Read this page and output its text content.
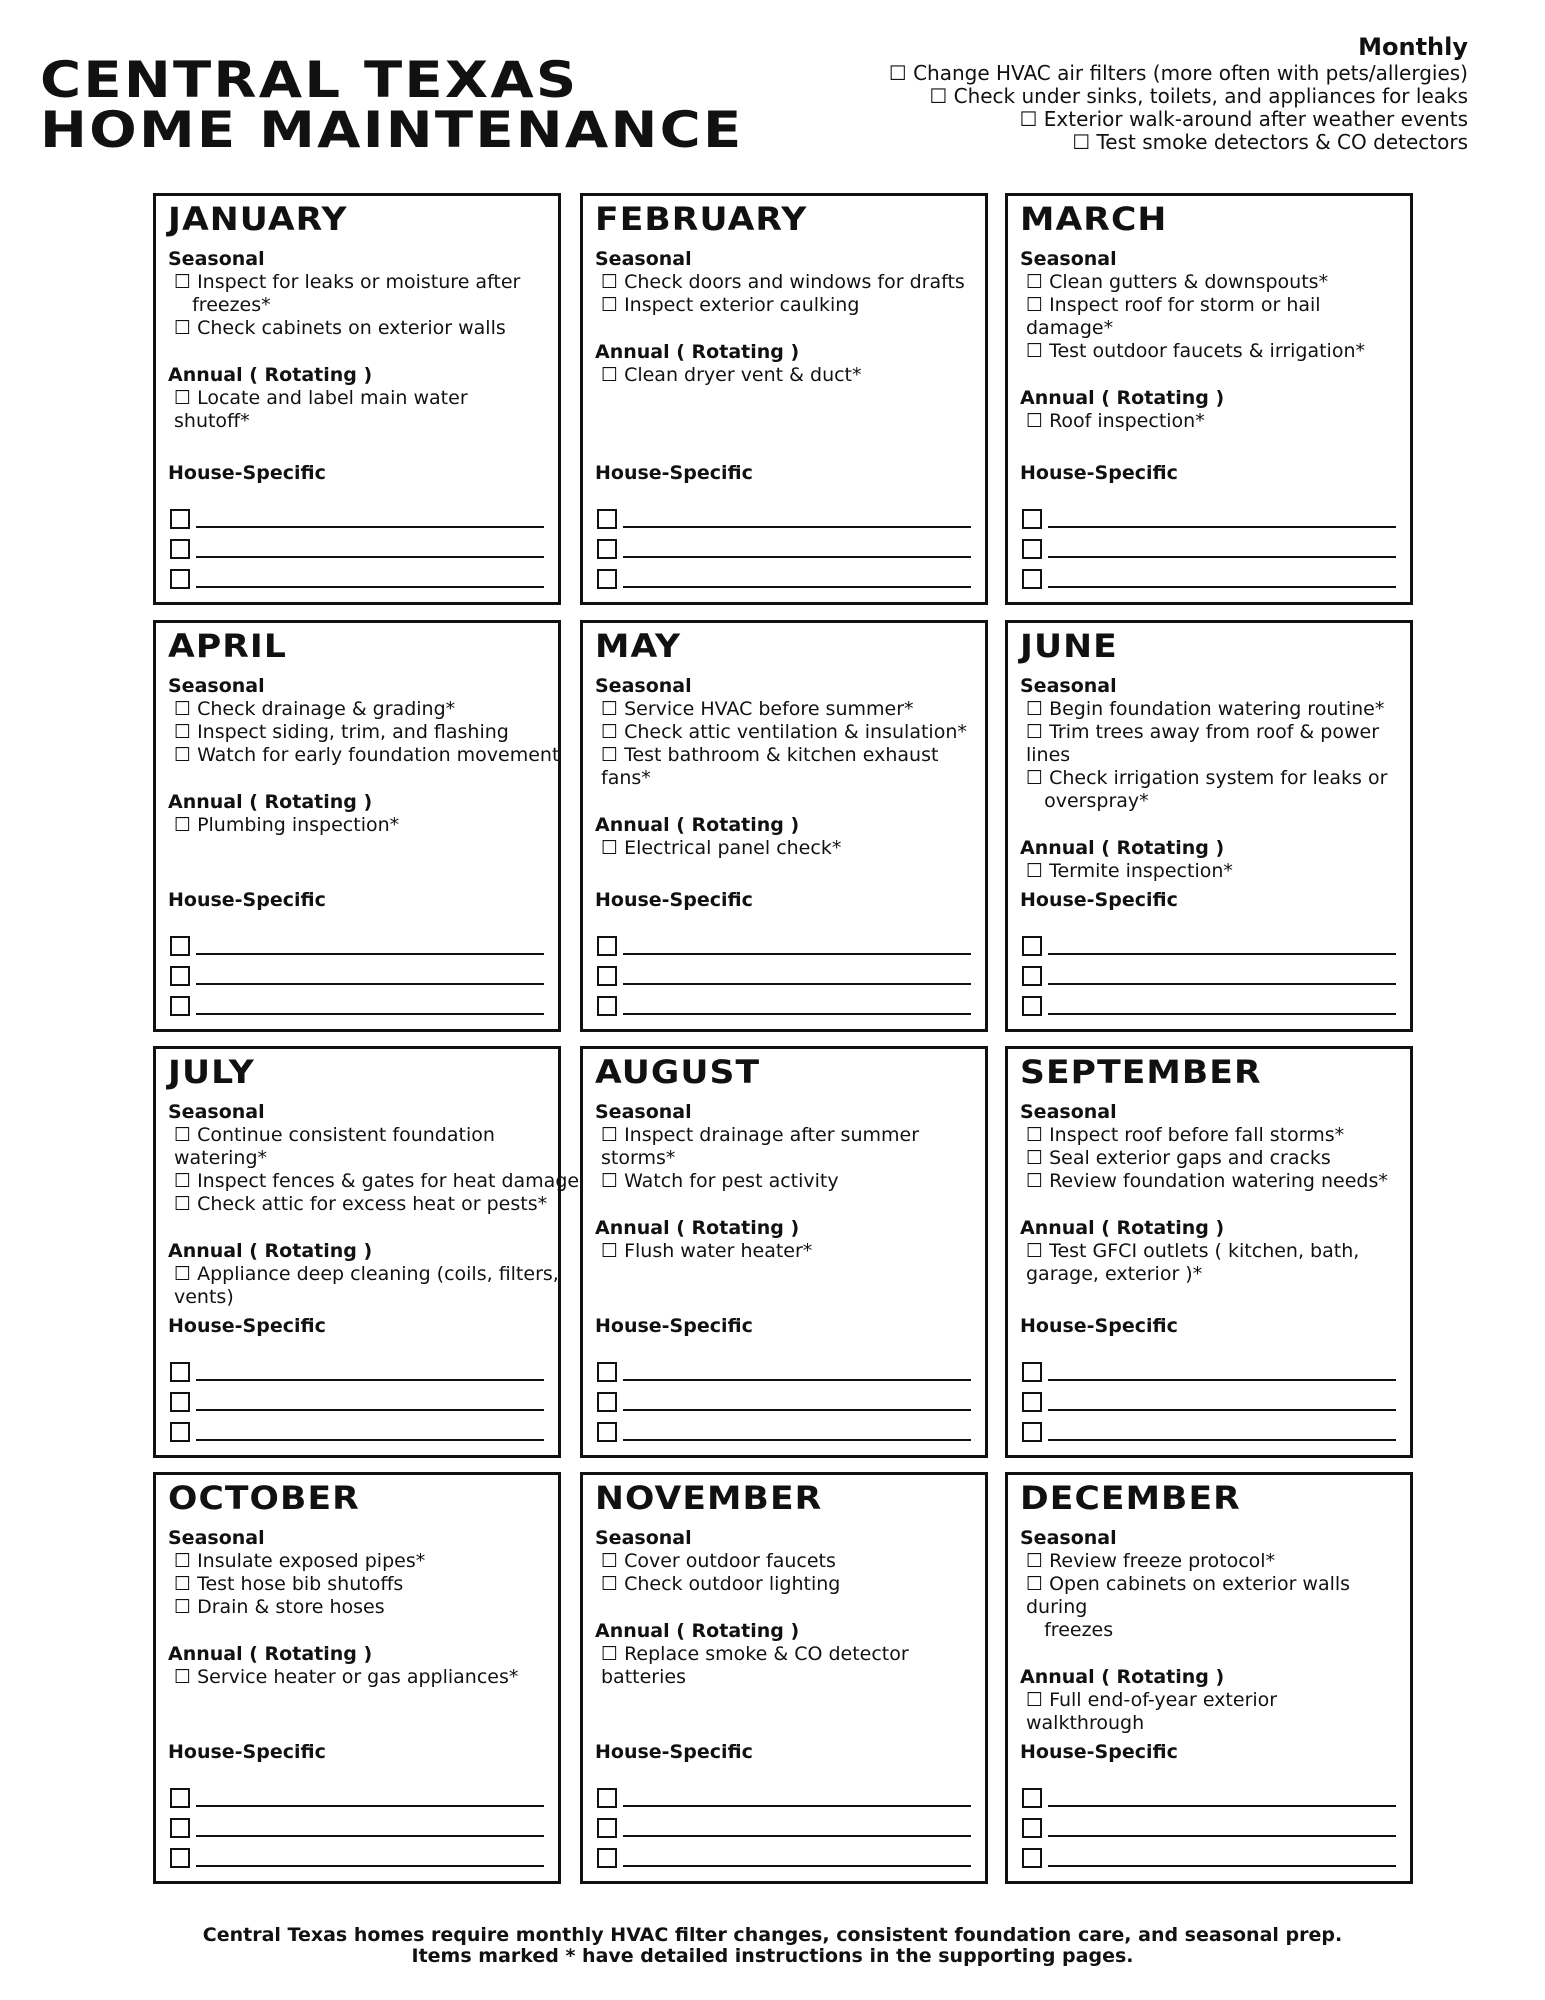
CENTRAL TEXAS
HOME MAINTENANCE
Monthly
☐ Change HVAC air filters (more often with pets/allergies)
☐ Check under sinks, toilets, and appliances for leaks
☐ Exterior walk-around after weather events
☐ Test smoke detectors & CO detectors
JANUARY
Seasonal
☐ Inspect for leaks or moisture after
freezes*
☐ Check cabinets on exterior walls
Annual ( Rotating )
☐ Locate and label main water
shutoff*
House-Specific
FEBRUARY
Seasonal
☐ Check doors and windows for drafts
☐ Inspect exterior caulking
Annual ( Rotating )
☐ Clean dryer vent & duct*
House-Specific
MARCH
Seasonal
☐ Clean gutters & downspouts*
☐ Inspect roof for storm or hail
damage*
☐ Test outdoor faucets & irrigation*
Annual ( Rotating )
☐ Roof inspection*
House-Specific
APRIL
Seasonal
☐ Check drainage & grading*
☐ Inspect siding, trim, and flashing
☐ Watch for early foundation movement
Annual ( Rotating )
☐ Plumbing inspection*
House-Specific
MAY
Seasonal
☐ Service HVAC before summer*
☐ Check attic ventilation & insulation*
☐ Test bathroom & kitchen exhaust
fans*
Annual ( Rotating )
☐ Electrical panel check*
House-Specific
JUNE
Seasonal
☐ Begin foundation watering routine*
☐ Trim trees away from roof & power
lines
☐ Check irrigation system for leaks or
overspray*
Annual ( Rotating )
☐ Termite inspection*
House-Specific
JULY
Seasonal
☐ Continue consistent foundation
watering*
☐ Inspect fences & gates for heat damage
☐ Check attic for excess heat or pests*
Annual ( Rotating )
☐ Appliance deep cleaning (coils, filters,
vents)
House-Specific
AUGUST
Seasonal
☐ Inspect drainage after summer
storms*
☐ Watch for pest activity
Annual ( Rotating )
☐ Flush water heater*
House-Specific
SEPTEMBER
Seasonal
☐ Inspect roof before fall storms*
☐ Seal exterior gaps and cracks
☐ Review foundation watering needs*
Annual ( Rotating )
☐ Test GFCI outlets ( kitchen, bath,
garage, exterior )*
House-Specific
OCTOBER
Seasonal
☐ Insulate exposed pipes*
☐ Test hose bib shutoffs
☐ Drain & store hoses
Annual ( Rotating )
☐ Service heater or gas appliances*
House-Specific
NOVEMBER
Seasonal
☐ Cover outdoor faucets
☐ Check outdoor lighting
Annual ( Rotating )
☐ Replace smoke & CO detector
batteries
House-Specific
DECEMBER
Seasonal
☐ Review freeze protocol*
☐ Open cabinets on exterior walls
during
freezes
Annual ( Rotating )
☐ Full end-of-year exterior
walkthrough
House-Specific
Central Texas homes require monthly HVAC filter changes, consistent foundation care, and seasonal prep.
Items marked * have detailed instructions in the supporting pages.
